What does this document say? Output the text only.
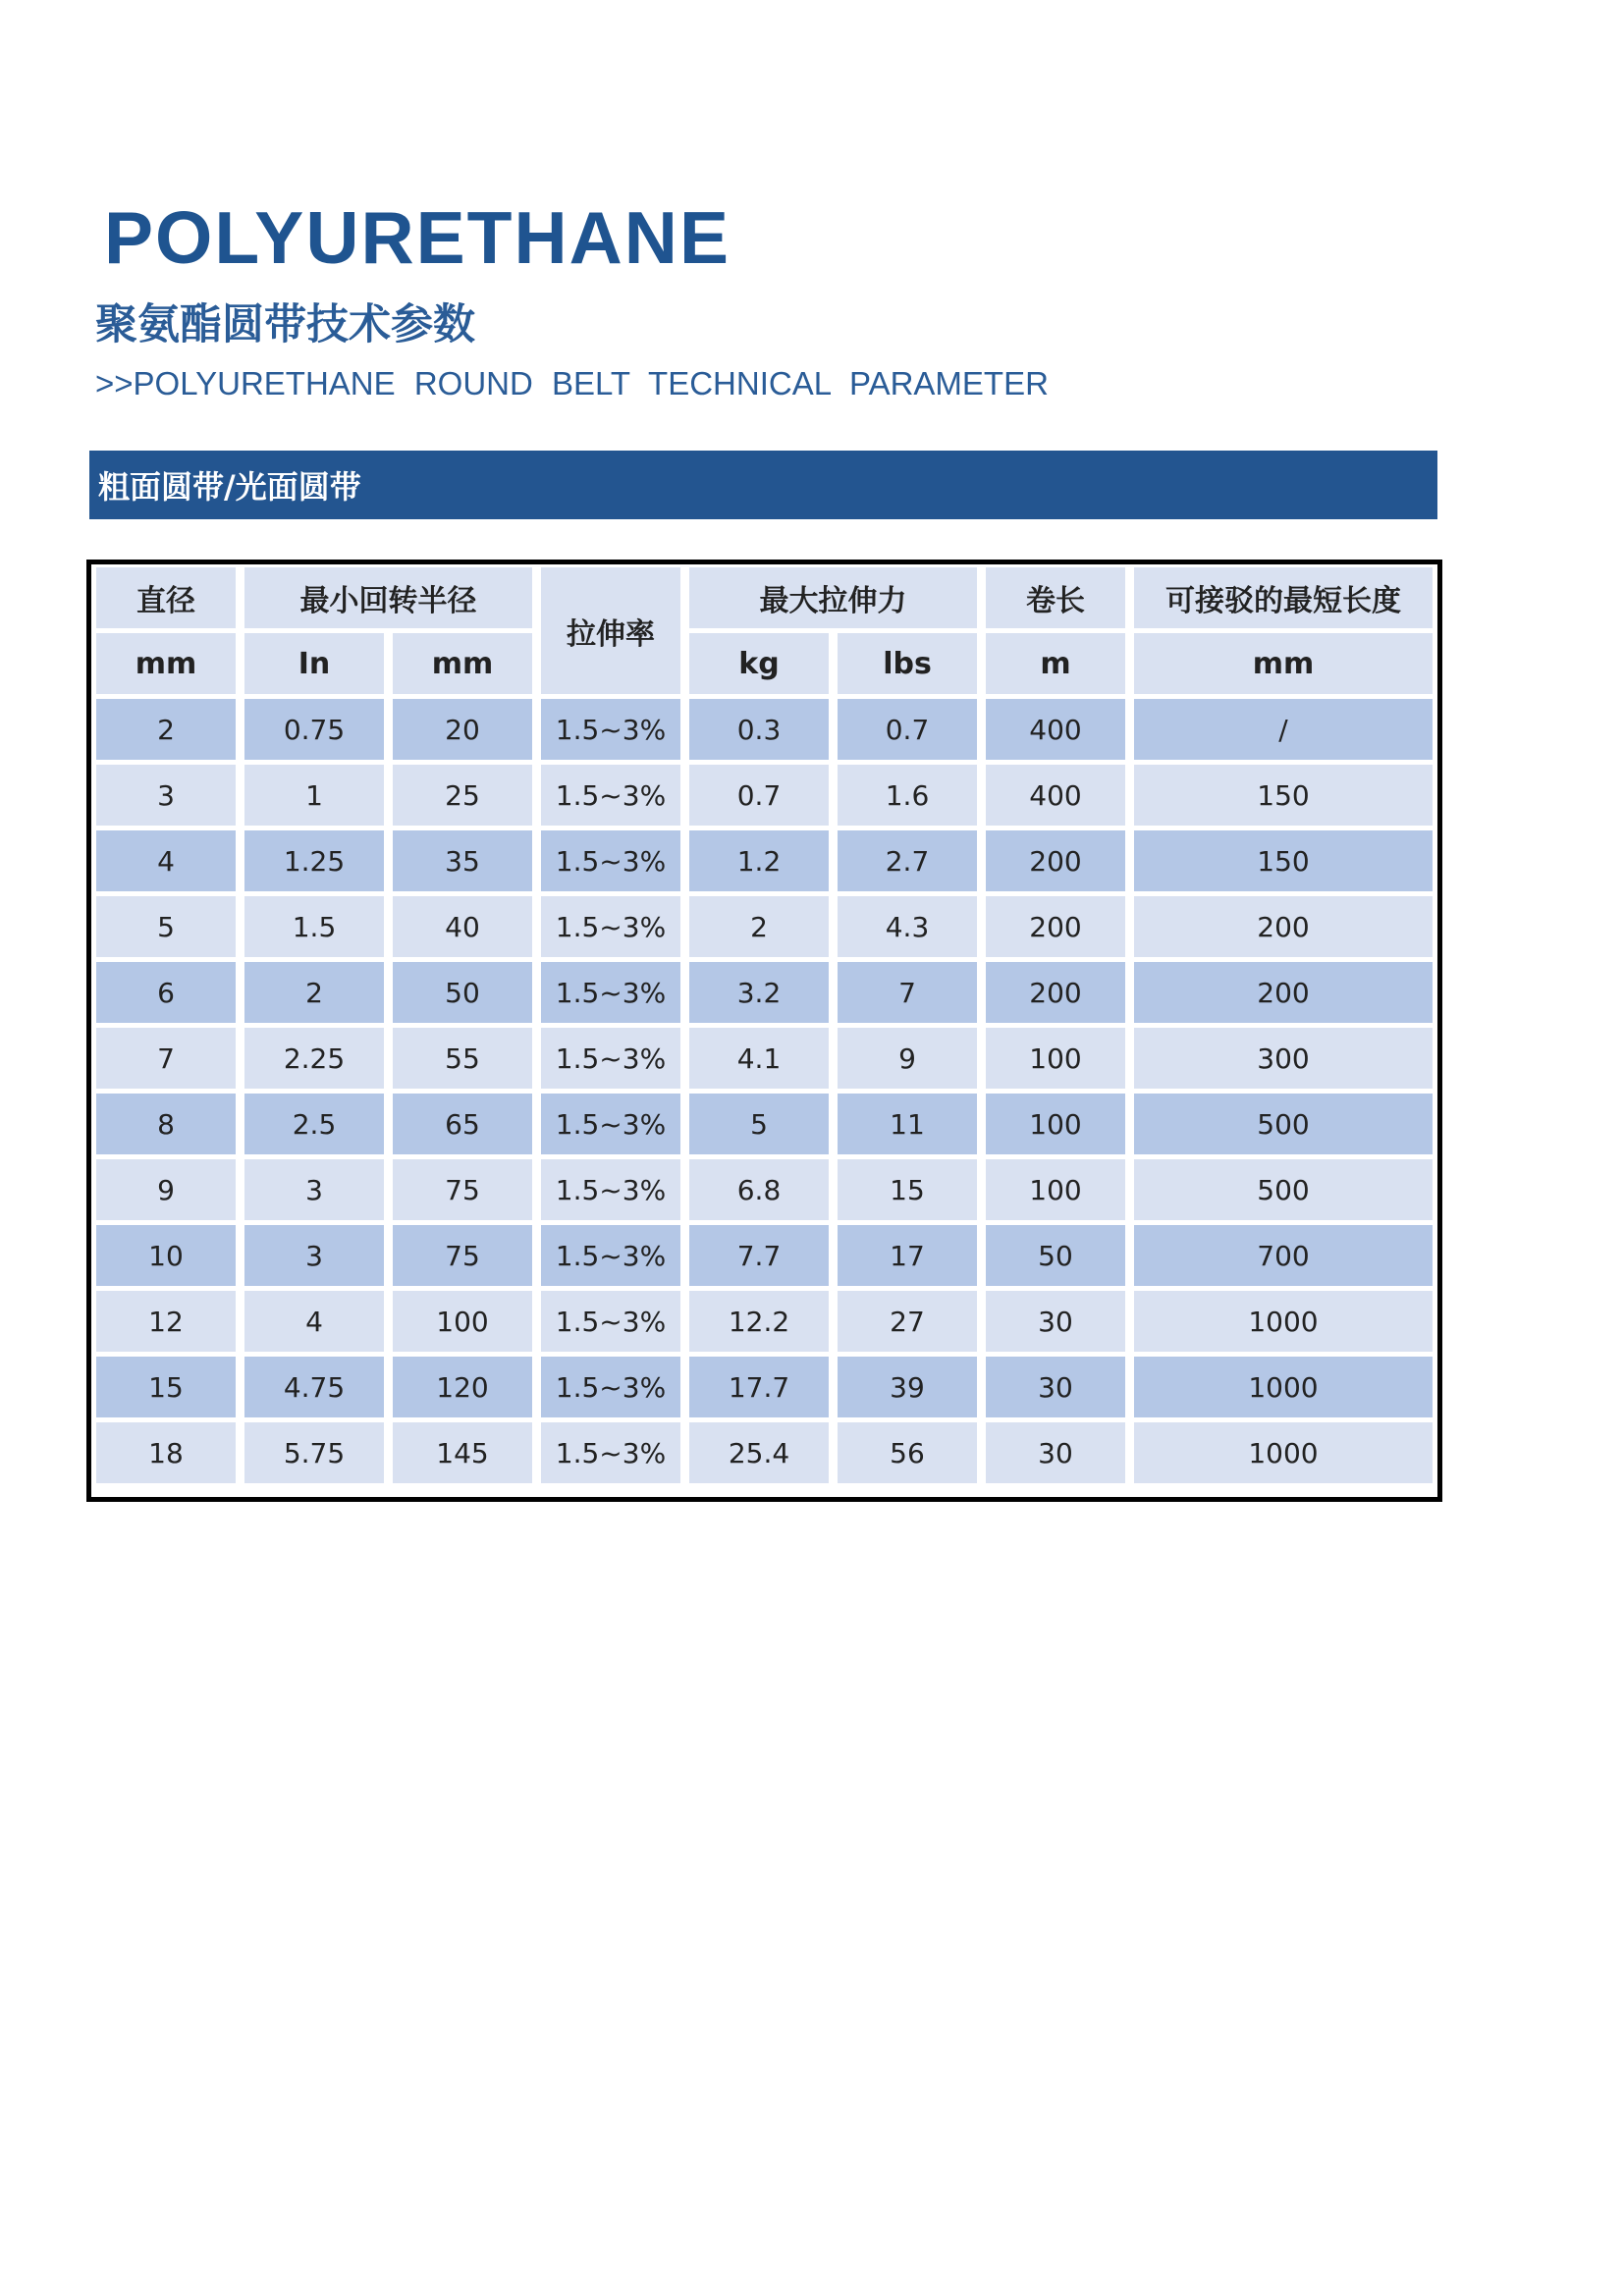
POLYURETHANE
聚氨酯圆带技术参数

>>POLYURETHANE ROUND BELT TECHNICAL PARAMETER

粗面圆带/光面圆带
直径	最小回转半径		拉伸率	最大拉伸力		卷长	可接驳的最短长度
mm	In	mm		kg	lbs	m	mm
2	0.75	20	1.5~3%	0.3	0.7	400	/
3	1	25	1.5~3%	0.7	1.6	400	150
4	1.25	35	1.5~3%	1.2	2.7	200	150
5	1.5	40	1.5~3%	2	4.3	200	200
6	2	50	1.5~3%	3.2	7	200	200
7	2.25	55	1.5~3%	4.1	9	100	300
8	2.5	65	1.5~3%	5	11	100	500
9	3	75	1.5~3%	6.8	15	100	500
10	3	75	1.5~3%	7.7	17	50	700
12	4	100	1.5~3%	12.2	27	30	1000
15	4.75	120	1.5~3%	17.7	39	30	1000
18	5.75	145	1.5~3%	25.4	56	30	1000
